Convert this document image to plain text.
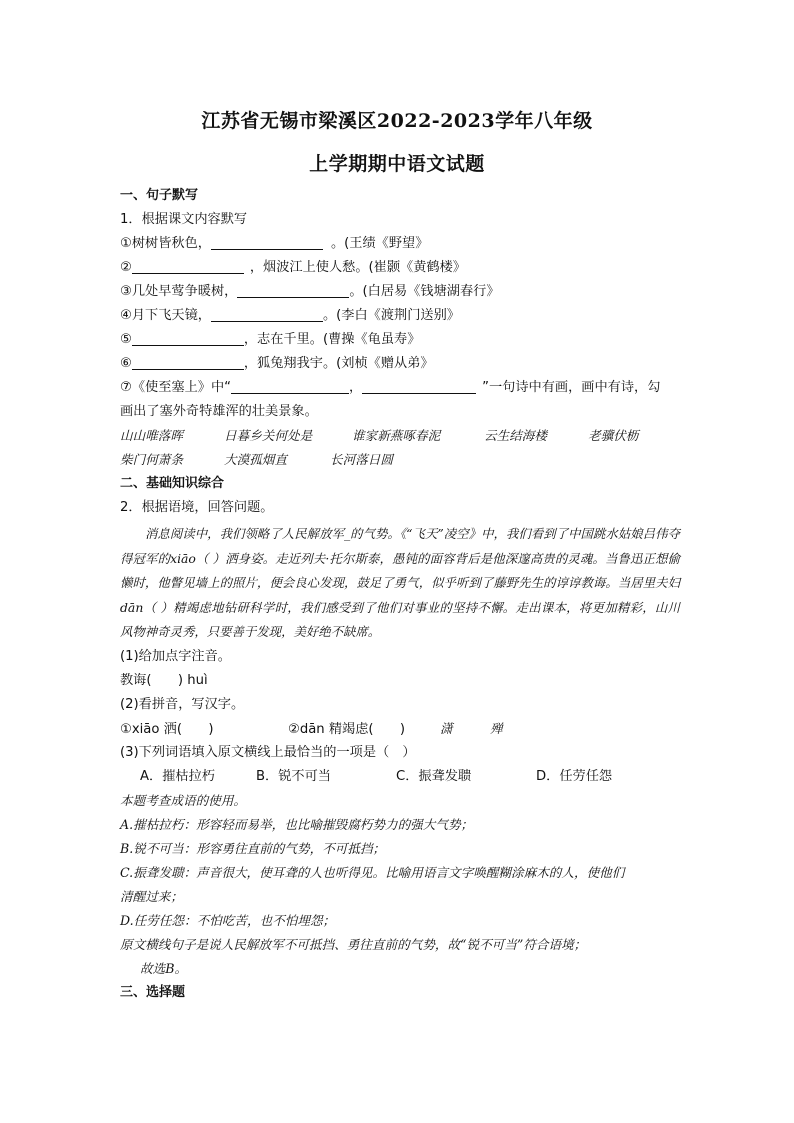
江苏省无锡市梁溪区2022-2023学年八年级
上学期期中语文试题
一、句子默写
1．根据课文内容默写
①树树皆秋色，	。(王绩《野望》
②	，烟波江上使人愁。(崔颢《黄鹤楼》
③几处早莺争暖树，	。(白居易《钱塘湖春行》
④月下飞天镜，	。(李白《渡荆门送别》
⑤	，志在千里。(曹操《龟虽寿》
⑥	，狐兔翔我宇。(刘桢《赠从弟》
⑦《使至塞上》中“	，	”一句诗中有画，画中有诗，勾
画出了塞外奇特雄浑的壮美景象。
山山唯落晖	日暮乡关何处是	谁家新燕啄春泥	云生结海楼	老骥伏枥
柴门何萧条	大漠孤烟直	长河落日圆
二、基础知识综合
2．根据语境，回答问题。
消息阅读中，我们领略了人民解放军_的气势。《“飞天”凌空》中，我们看到了中国跳水姑娘吕伟夺得冠军的xiāo（ ）洒身姿。走近列夫·托尔斯泰，愚钝的面容背后是他深邃高贵的灵魂。当鲁迅正想偷懒时，他瞥见墙上的照片，便会良心发现，鼓足了勇气，似乎听到了藤野先生的谆谆教诲。当居里夫妇dān（ ）精竭虑地钻研科学时，我们感受到了他们对事业的坚持不懈。走出课本，将更加精彩，山川风物神奇灵秀，只要善于发现，美好绝不缺席。
(1)给加点字注音。
教诲(　　) huì
(2)看拼音，写汉字。
①xiāo 洒(　　)	②dān 精竭虑(　　)	潇	殚
(3)下列词语填入原文横线上最恰当的一项是（　）
A．摧枯拉朽	B．锐不可当	C．振聋发聩	D．任劳任怨
本题考查成语的使用。
A.摧枯拉朽：形容轻而易举，也比喻摧毁腐朽势力的强大气势；
B.锐不可当：形容勇往直前的气势，不可抵挡；
C.振聋发聩：声音很大，使耳聋的人也听得见。比喻用语言文字唤醒糊涂麻木的人，使他们
清醒过来；
D.任劳任怨：不怕吃苦，也不怕埋怨；
原文横线句子是说人民解放军不可抵挡、勇往直前的气势，故“锐不可当”符合语境；
故选B。
三、选择题
